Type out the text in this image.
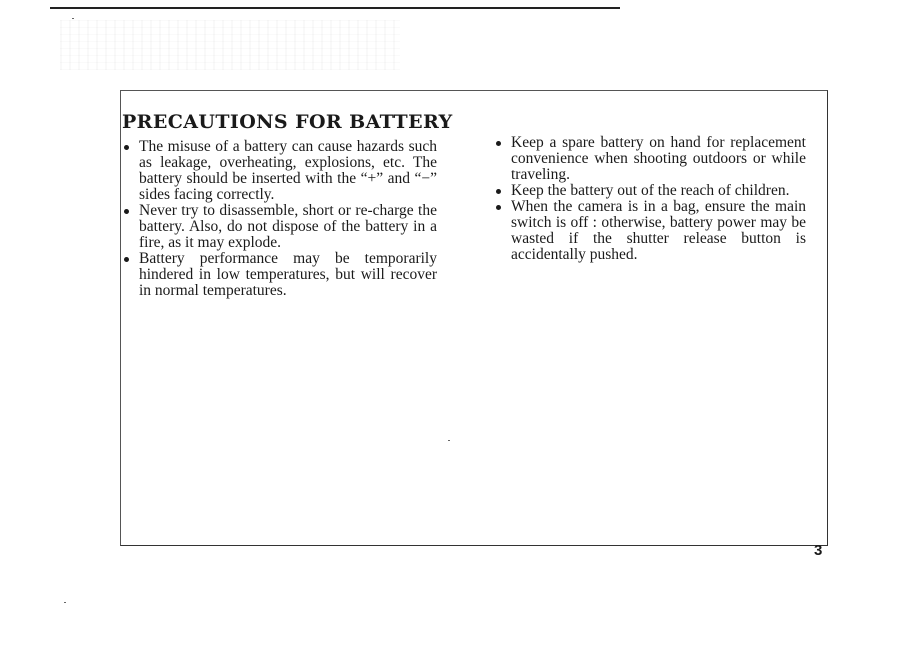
PRECAUTIONS FOR BATTERY
The misuse of a battery can cause hazards such as leakage, overheating, explosions, etc. The battery should be inserted with the “+” and “−” sides facing correctly.
Never try to disassemble, short or re-charge the battery. Also, do not dispose of the battery in a fire, as it may explode.
Battery performance may be temporarily hindered in low temperatures, but will recover in normal temperatures.
Keep a spare battery on hand for replacement convenience when shooting outdoors or while traveling.
Keep the battery out of the reach of children.
When the camera is in a bag, ensure the main switch is off : otherwise, battery power may be wasted if the shutter release button is accidentally pushed.
3
